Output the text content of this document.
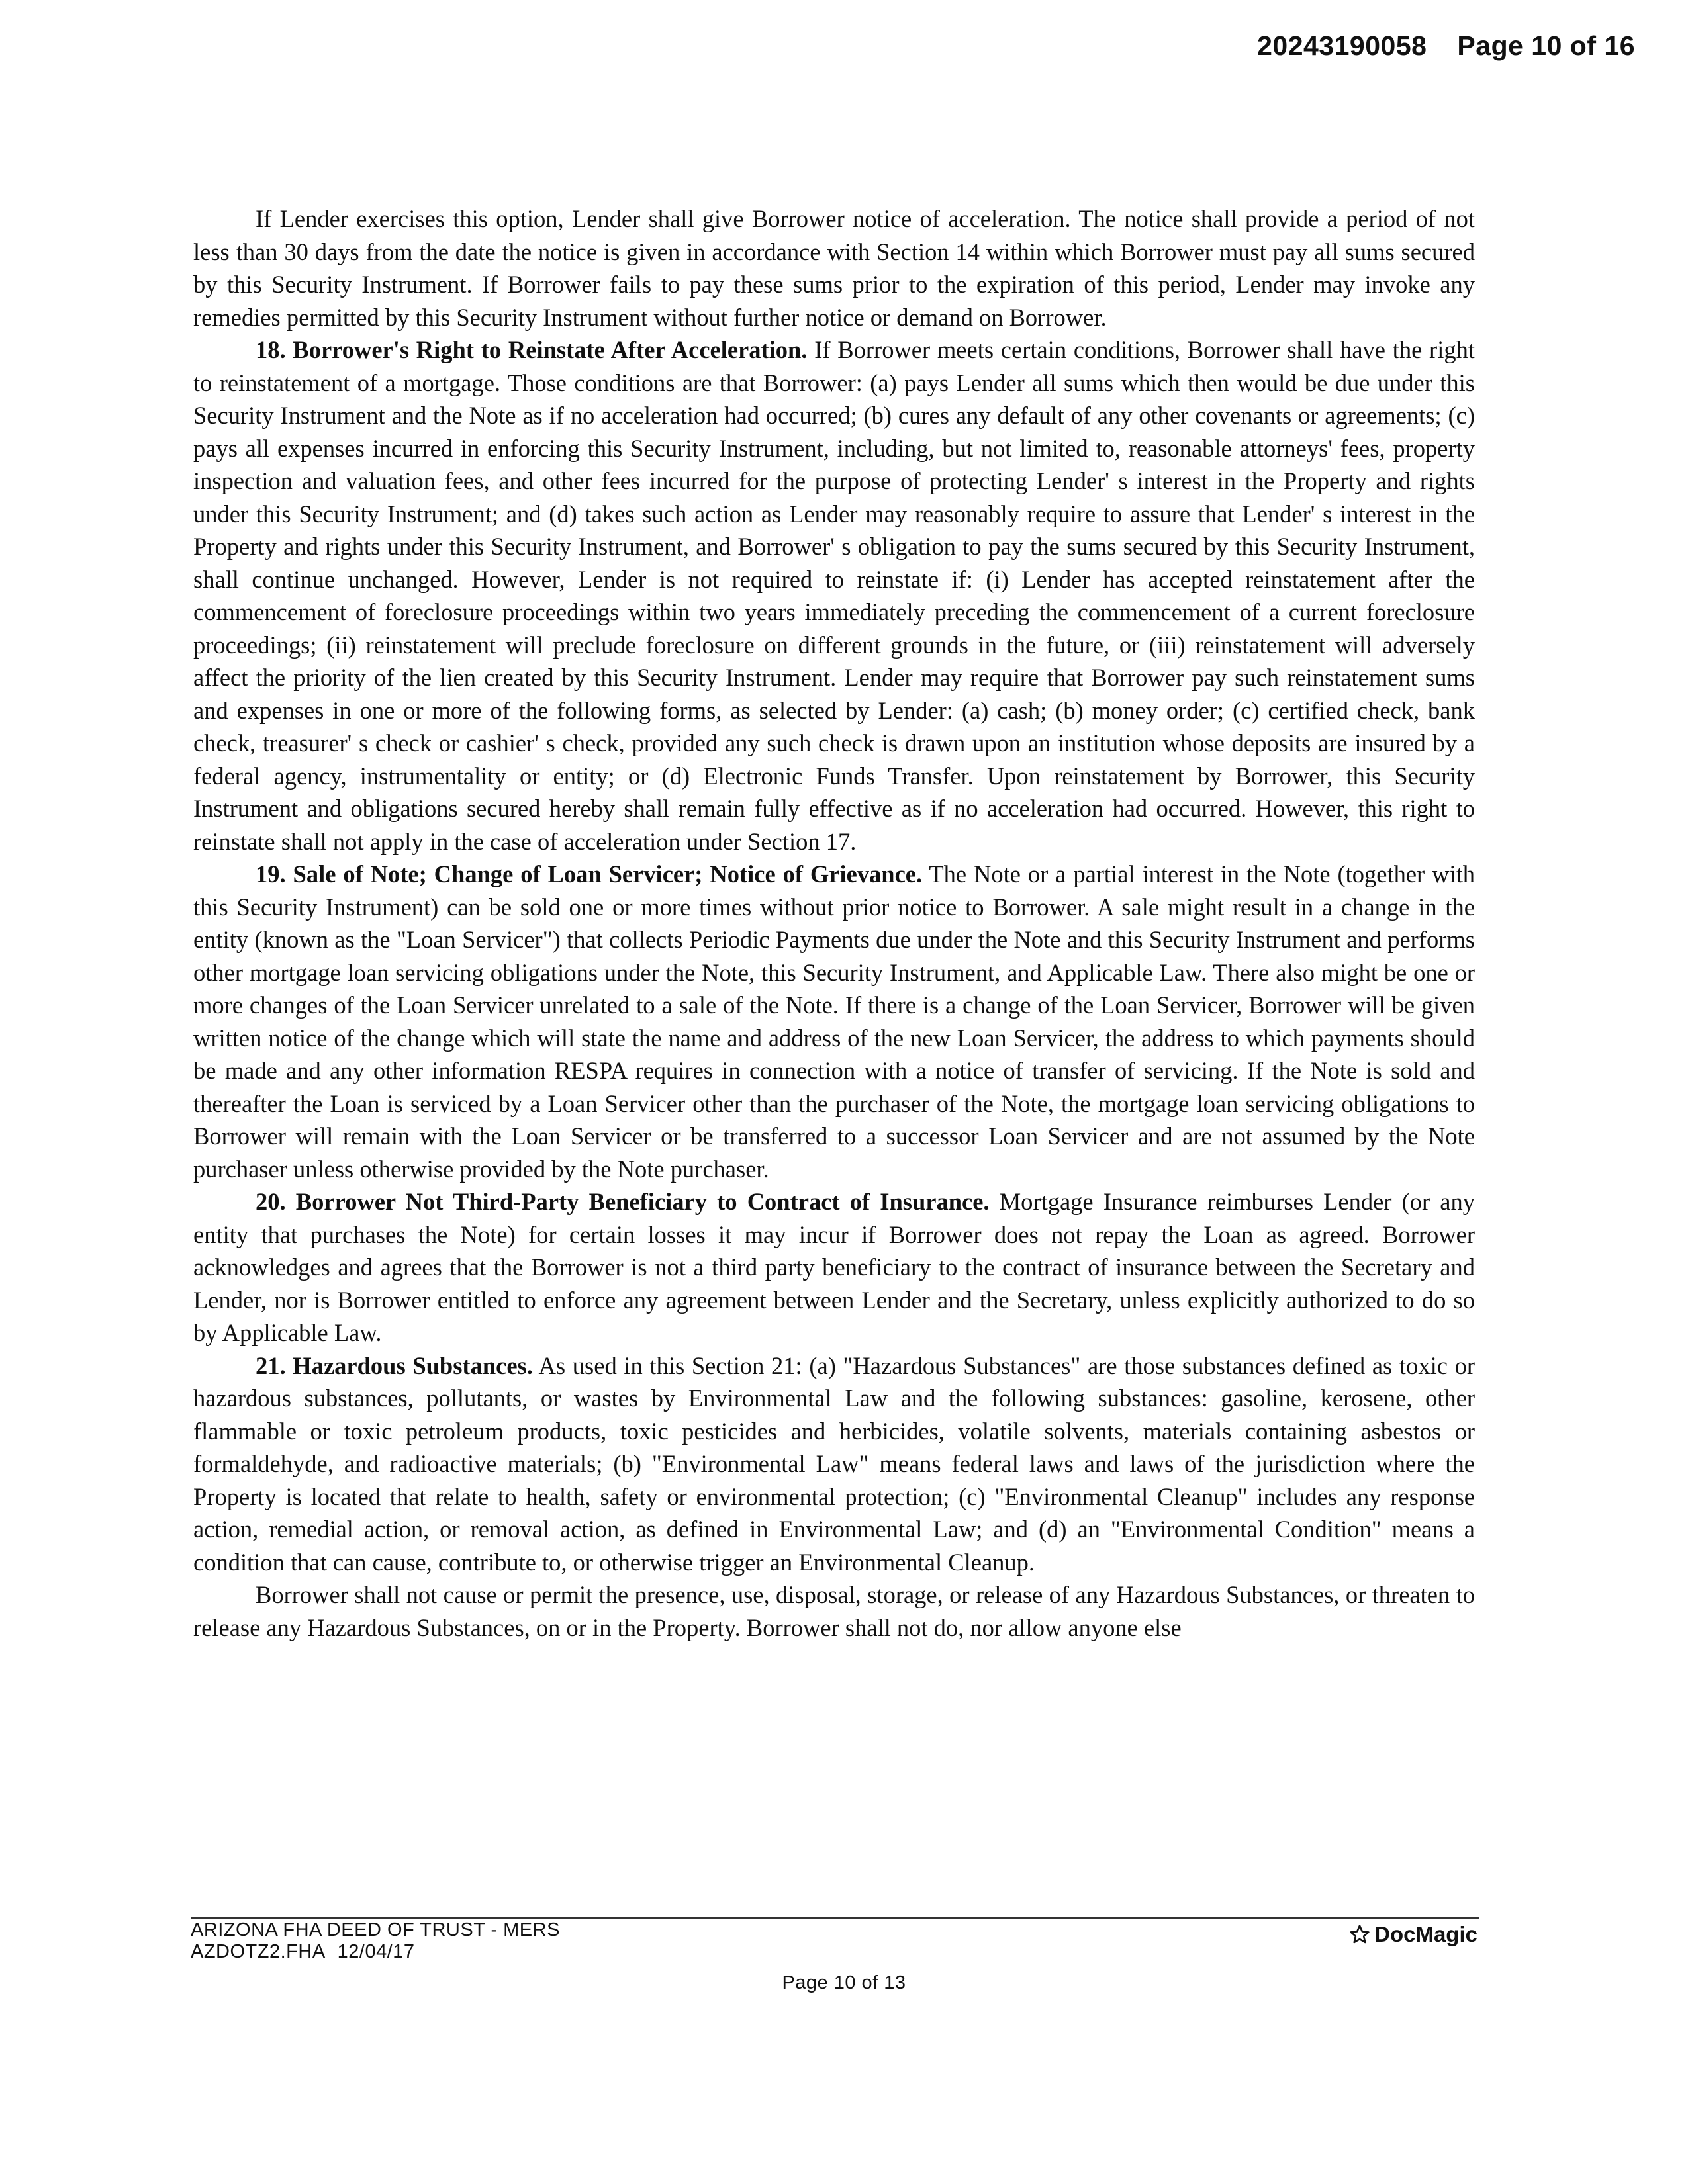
20243190058 Page 10 of 16

If Lender exercises this option, Lender shall give Borrower notice of acceleration. The notice shall provide a period of not less than 30 days from the date the notice is given in accordance with Section 14 within which Borrower must pay all sums secured by this Security Instrument. If Borrower fails to pay these sums prior to the expiration of this period, Lender may invoke any remedies permitted by this Security Instrument without further notice or demand on Borrower.

18. Borrower's Right to Reinstate After Acceleration. If Borrower meets certain conditions, Borrower shall have the right to reinstatement of a mortgage. Those conditions are that Borrower: (a) pays Lender all sums which then would be due under this Security Instrument and the Note as if no acceleration had occurred; (b) cures any default of any other covenants or agreements; (c) pays all expenses incurred in enforcing this Security Instrument, including, but not limited to, reasonable attorneys' fees, property inspection and valuation fees, and other fees incurred for the purpose of protecting Lender' s interest in the Property and rights under this Security Instrument; and (d) takes such action as Lender may reasonably require to assure that Lender' s interest in the Property and rights under this Security Instrument, and Borrower' s obligation to pay the sums secured by this Security Instrument, shall continue unchanged. However, Lender is not required to reinstate if: (i) Lender has accepted reinstatement after the commencement of foreclosure proceedings within two years immediately preceding the commencement of a current foreclosure proceedings; (ii) reinstatement will preclude foreclosure on different grounds in the future, or (iii) reinstatement will adversely affect the priority of the lien created by this Security Instrument. Lender may require that Borrower pay such reinstatement sums and expenses in one or more of the following forms, as selected by Lender: (a) cash; (b) money order; (c) certified check, bank check, treasurer' s check or cashier' s check, provided any such check is drawn upon an institution whose deposits are insured by a federal agency, instrumentality or entity; or (d) Electronic Funds Transfer. Upon reinstatement by Borrower, this Security Instrument and obligations secured hereby shall remain fully effective as if no acceleration had occurred. However, this right to reinstate shall not apply in the case of acceleration under Section 17.

19. Sale of Note; Change of Loan Servicer; Notice of Grievance. The Note or a partial interest in the Note (together with this Security Instrument) can be sold one or more times without prior notice to Borrower. A sale might result in a change in the entity (known as the "Loan Servicer") that collects Periodic Payments due under the Note and this Security Instrument and performs other mortgage loan servicing obligations under the Note, this Security Instrument, and Applicable Law. There also might be one or more changes of the Loan Servicer unrelated to a sale of the Note. If there is a change of the Loan Servicer, Borrower will be given written notice of the change which will state the name and address of the new Loan Servicer, the address to which payments should be made and any other information RESPA requires in connection with a notice of transfer of servicing. If the Note is sold and thereafter the Loan is serviced by a Loan Servicer other than the purchaser of the Note, the mortgage loan servicing obligations to Borrower will remain with the Loan Servicer or be transferred to a successor Loan Servicer and are not assumed by the Note purchaser unless otherwise provided by the Note purchaser.

20. Borrower Not Third-Party Beneficiary to Contract of Insurance. Mortgage Insurance reimburses Lender (or any entity that purchases the Note) for certain losses it may incur if Borrower does not repay the Loan as agreed. Borrower acknowledges and agrees that the Borrower is not a third party beneficiary to the contract of insurance between the Secretary and Lender, nor is Borrower entitled to enforce any agreement between Lender and the Secretary, unless explicitly authorized to do so by Applicable Law.

21. Hazardous Substances. As used in this Section 21: (a) "Hazardous Substances" are those substances defined as toxic or hazardous substances, pollutants, or wastes by Environmental Law and the following substances: gasoline, kerosene, other flammable or toxic petroleum products, toxic pesticides and herbicides, volatile solvents, materials containing asbestos or formaldehyde, and radioactive materials; (b) "Environmental Law" means federal laws and laws of the jurisdiction where the Property is located that relate to health, safety or environmental protection; (c) "Environmental Cleanup" includes any response action, remedial action, or removal action, as defined in Environmental Law; and (d) an "Environmental Condition" means a condition that can cause, contribute to, or otherwise trigger an Environmental Cleanup.

Borrower shall not cause or permit the presence, use, disposal, storage, or release of any Hazardous Substances, or threaten to release any Hazardous Substances, on or in the Property. Borrower shall not do, nor allow anyone else

ARIZONA FHA DEED OF TRUST - MERS
AZDOTZ2.FHA 12/04/17
Page 10 of 13
DocMagic
